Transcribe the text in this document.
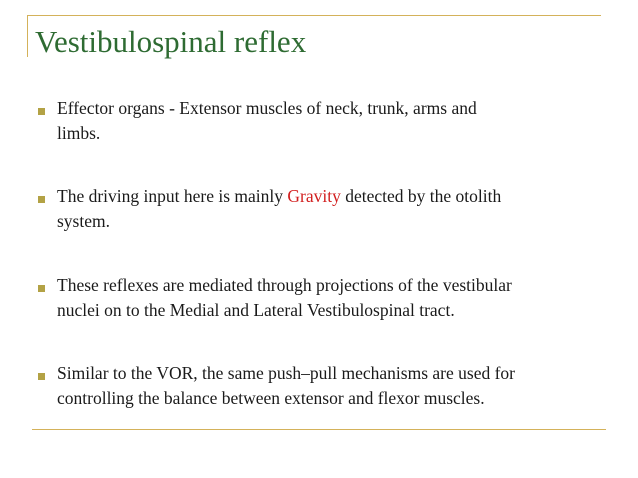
Vestibulospinal reflex
Effector organs - Extensor muscles of neck, trunk, arms and
limbs.
The driving input here is mainly Gravity detected by the otolith
system.
These reflexes are mediated through projections of the vestibular
nuclei on to the Medial and Lateral Vestibulospinal tract.
Similar to the VOR, the same push–pull mechanisms are used for
controlling the balance between extensor and flexor muscles.
